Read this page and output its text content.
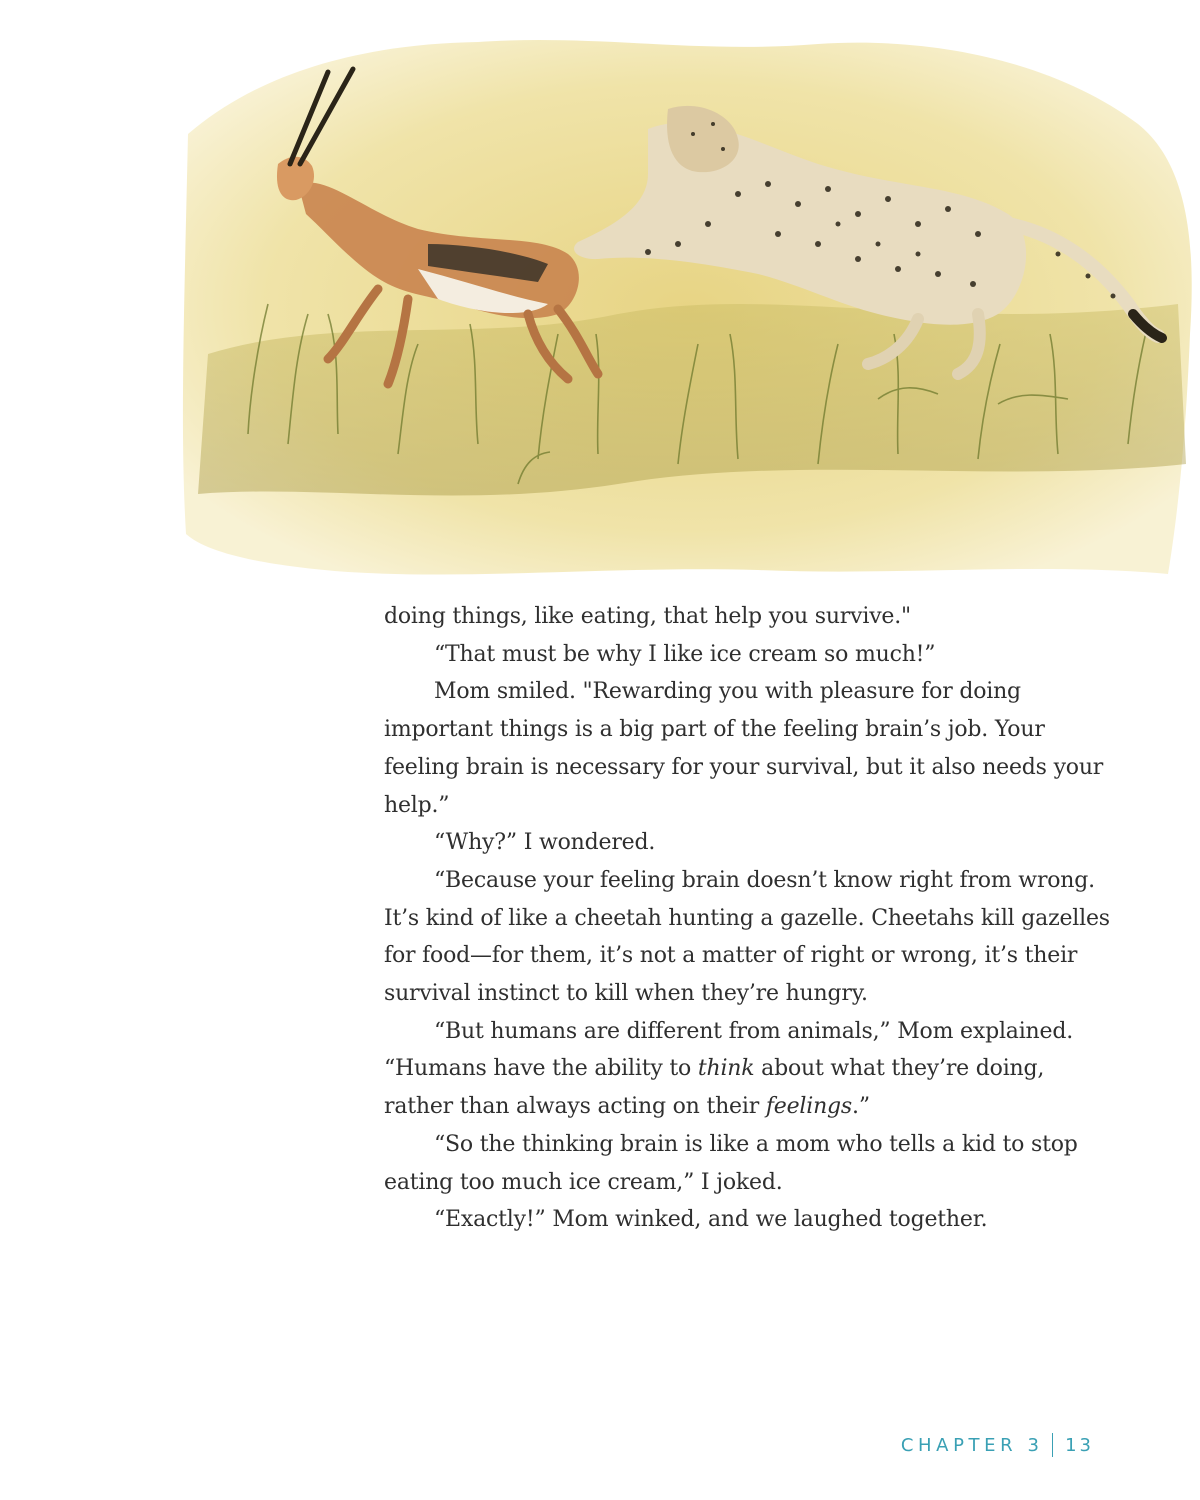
doing things, like eating, that help you survive."

“That must be why I like ice cream so much!”

Mom smiled. "Rewarding you with pleasure for doing important things is a big part of the feeling brain’s job. Your feeling brain is necessary for your survival, but it also needs your help.”

“Why?” I wondered.

“Because your feeling brain doesn’t know right from wrong. It’s kind of like a cheetah hunting a gazelle. Cheetahs kill gazelles for food—for them, it’s not a matter of right or wrong, it’s their survival instinct to kill when they’re hungry.

“But humans are different from animals,” Mom explained.

“Humans have the ability to think about what they’re doing, rather than always acting on their feelings.”

“So the thinking brain is like a mom who tells a kid to stop eating too much ice cream,” I joked.

“Exactly!” Mom winked, and we laughed together.

CHAPTER 3 13
